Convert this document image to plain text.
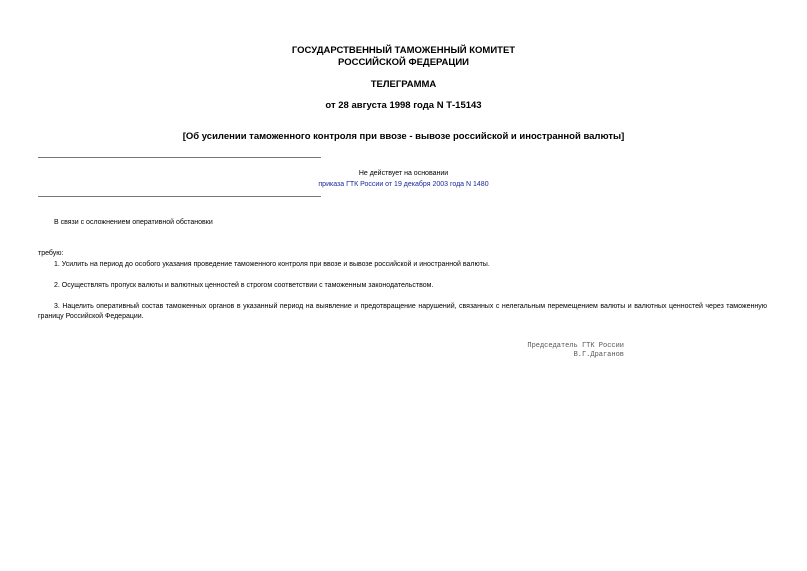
ГОСУДАРСТВЕННЫЙ ТАМОЖЕННЫЙ КОМИТЕТ
РОССИЙСКОЙ ФЕДЕРАЦИИ
ТЕЛЕГРАММА
от 28 августа 1998 года N Т-15143
[Об усилении таможенного контроля при ввозе - вывозе российской и иностранной валюты]
Не действует на основании
приказа ГТК России от 19 декабря 2003 года N 1480
В связи с осложнением оперативной обстановки
требую:
1. Усилить на период до особого указания проведение таможенного контроля при ввозе и вывозе российской и иностранной валюты.
2. Осуществлять пропуск валюты и валютных ценностей в строгом соответствии с таможенным законодательством.
3. Нацелить оперативный состав таможенных органов в указанный период на выявление и предотвращение нарушений, связанных с нелегальным перемещением валюты и валютных ценностей через таможенную границу Российской Федерации.
Председатель ГТК России
В.Г.Драганов
